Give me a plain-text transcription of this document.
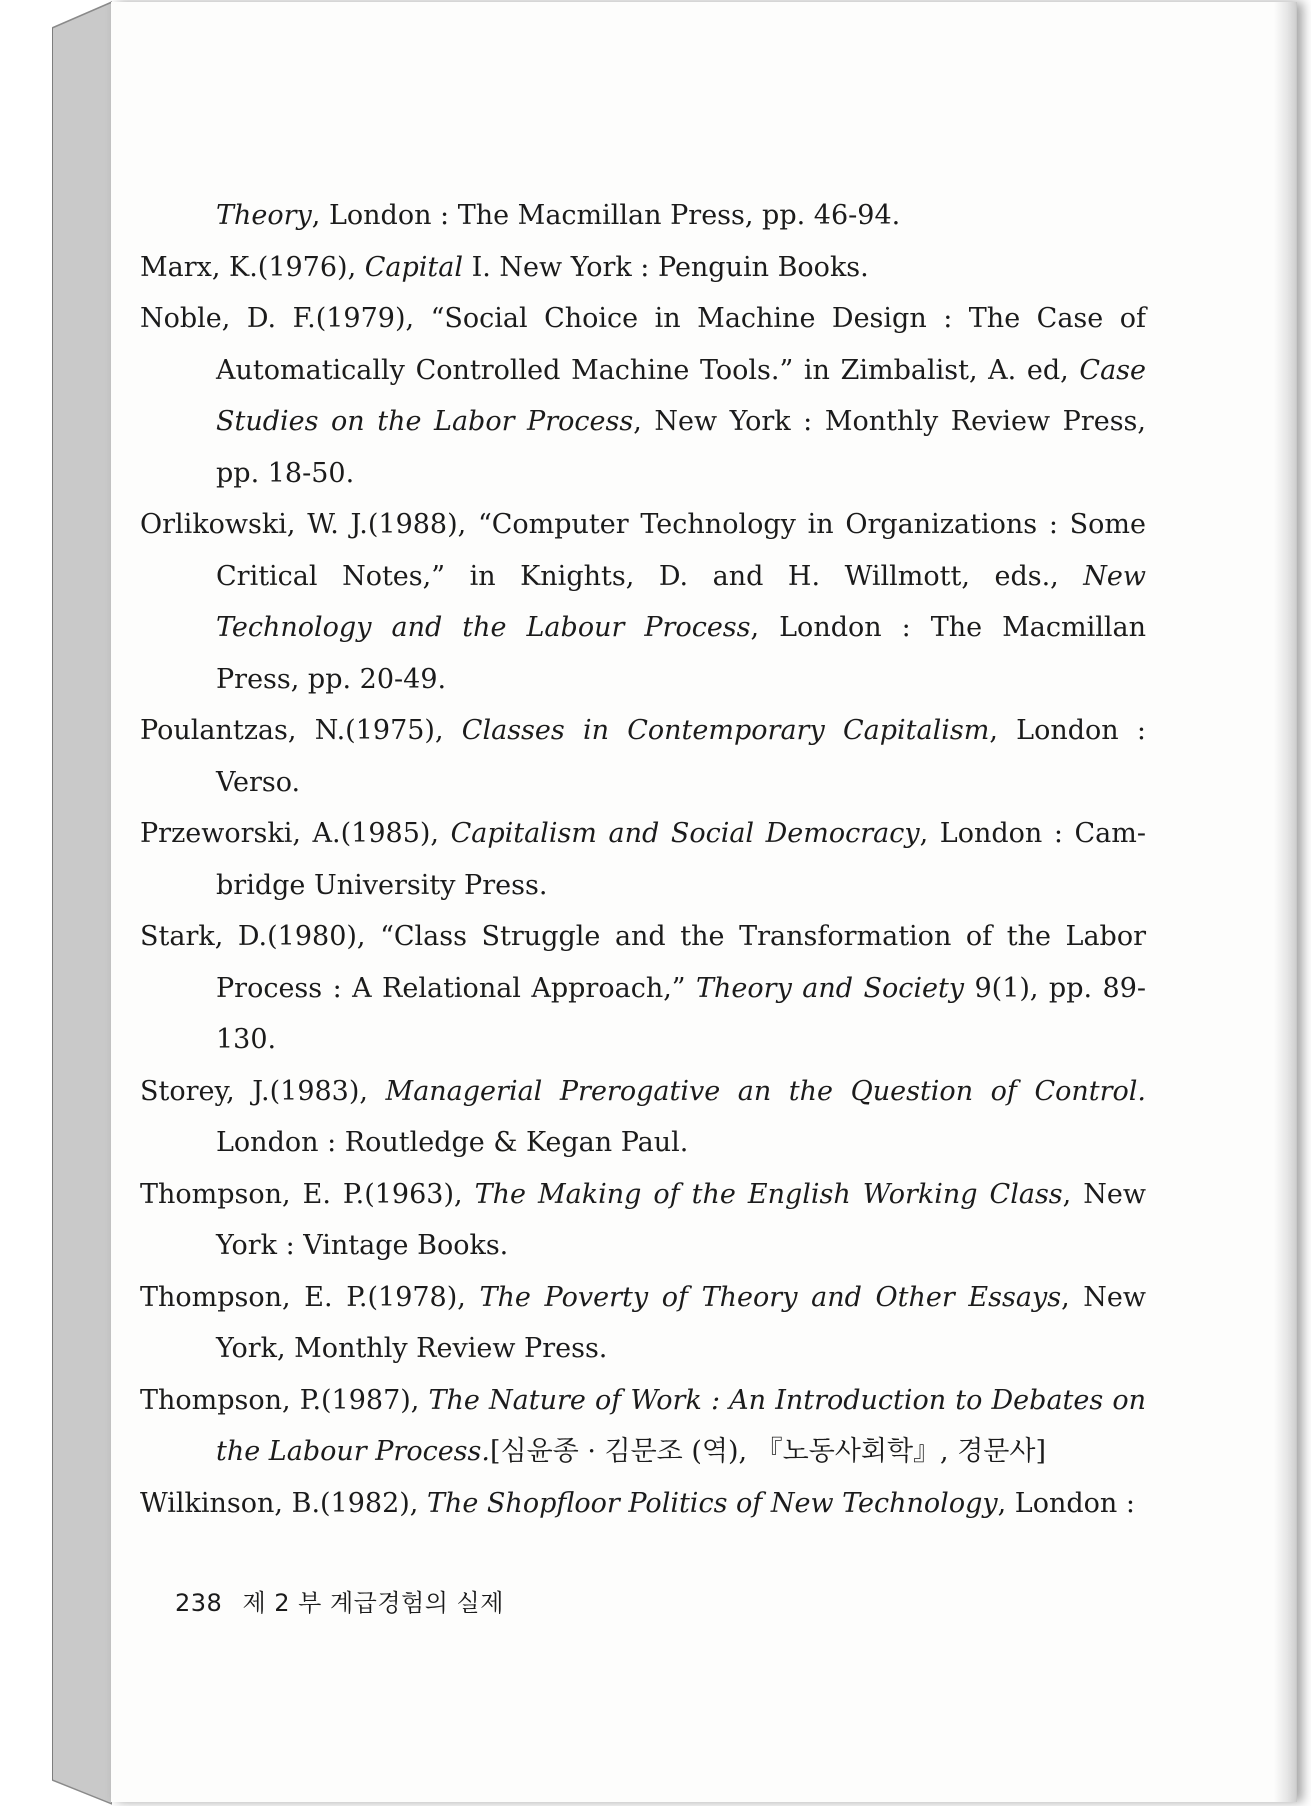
Theory, London : The Macmillan Press, pp. 46-94.

Marx, K.(1976), Capital I. New York : Penguin Books.

Noble, D. F.(1979), “Social Choice in Machine Design : The Case of Automatically Controlled Machine Tools.” in Zimbalist, A. ed, Case Studies on the Labor Process, New York : Monthly Review Press, pp. 18-50.

Orlikowski, W. J.(1988), “Computer Technology in Organizations : Some Critical Notes,” in Knights, D. and H. Willmott, eds., New Technology and the Labour Process, London : The Macmillan Press, pp. 20-49.

Poulantzas, N.(1975), Classes in Contemporary Capitalism, London : Verso.

Przeworski, A.(1985), Capitalism and Social Democracy, London : Cam-bridge University Press.

Stark, D.(1980), “Class Struggle and the Transformation of the Labor Process : A Relational Approach,” Theory and Society 9(1), pp. 89-130.

Storey, J.(1983), Managerial Prerogative an the Question of Control. London : Routledge & Kegan Paul.

Thompson, E. P.(1963), The Making of the English Working Class, New York : Vintage Books.

Thompson, E. P.(1978), The Poverty of Theory and Other Essays, New York, Monthly Review Press.

Thompson, P.(1987), The Nature of Work : An Introduction to Debates on the Labour Process.[심윤종 · 김문조 (역), 『노동사회학』, 경문사]

Wilkinson, B.(1982), The Shopfloor Politics of New Technology, London :

238 제 2 부 계급경험의 실제
